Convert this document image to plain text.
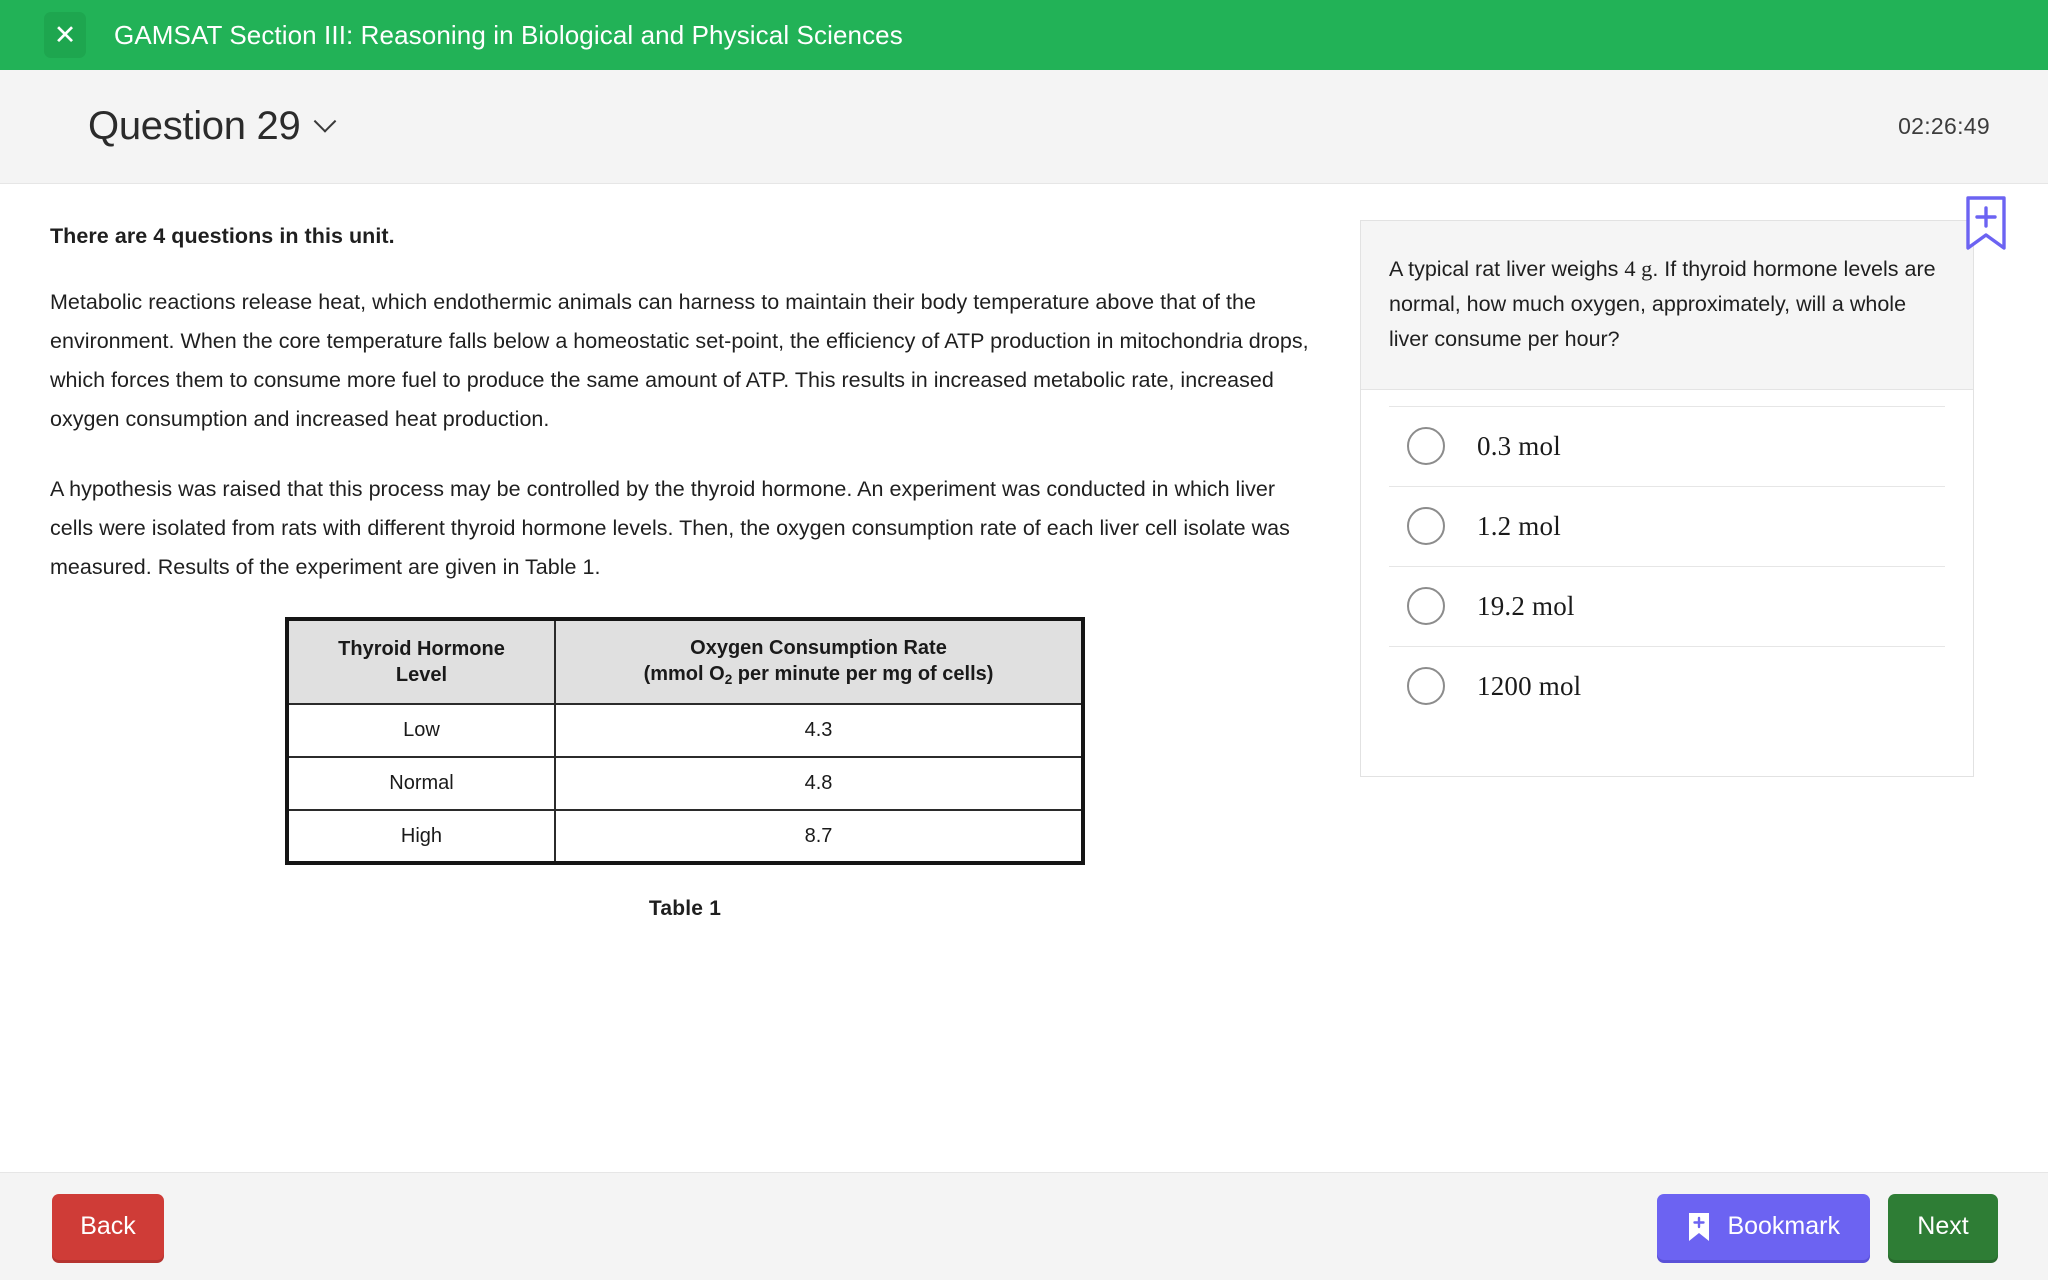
✕	GAMSAT Section III: Reasoning in Biological and Physical Sciences
Question 29	02:26:49
There are 4 questions in this unit.

Metabolic reactions release heat, which endothermic animals can harness to maintain their body temperature above that of the environment. When the core temperature falls below a homeostatic set-point, the efficiency of ATP production in mitochondria drops, which forces them to consume more fuel to produce the same amount of ATP. This results in increased metabolic rate, increased oxygen consumption and increased heat production.

A hypothesis was raised that this process may be controlled by the thyroid hormone. An experiment was conducted in which liver cells were isolated from rats with different thyroid hormone levels. Then, the oxygen consumption rate of each liver cell isolate was measured. Results of the experiment are given in Table 1.

Thyroid Hormone
Level	Oxygen Consumption Rate
(mmol $O_2$ per minute per mg of cells)
Low	4.3
Normal	4.8
High	8.7
Table 1
A typical rat liver weighs 4 g. If thyroid hormone levels are normal, how much oxygen, approximately, will a whole liver consume per hour?
0.3 mol
1.2 mol
19.2 mol
1200 mol
Back	Bookmark	Next
